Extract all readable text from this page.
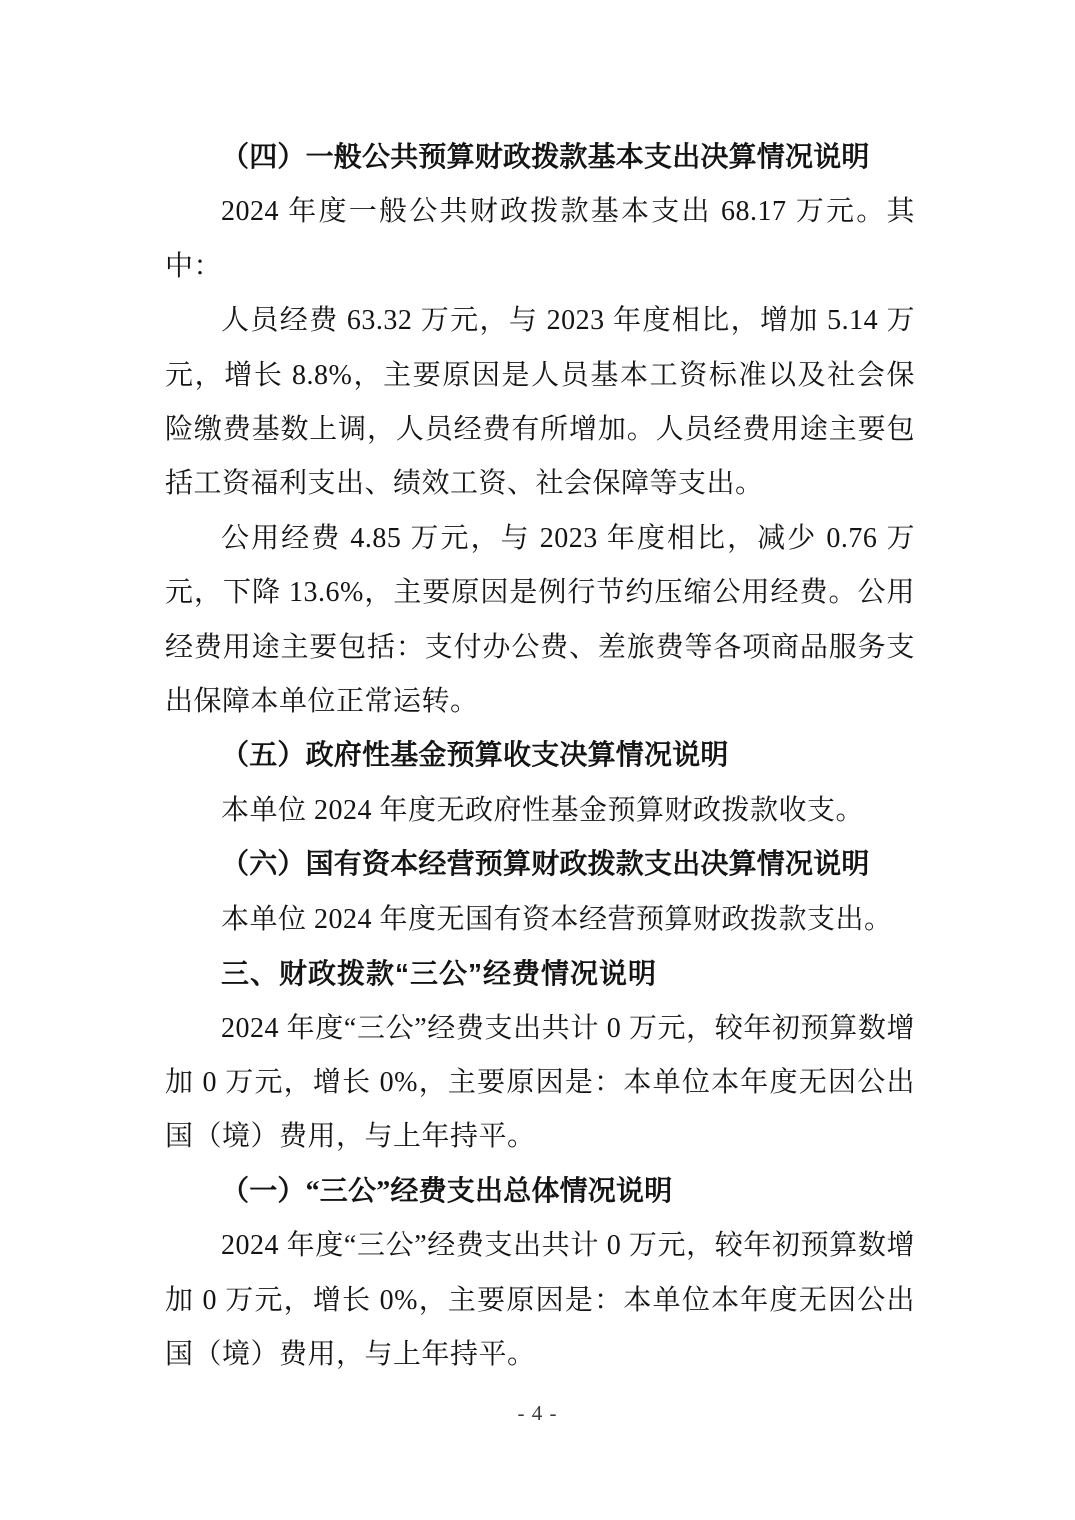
（四）一般公共预算财政拨款基本支出决算情况说明

2024 年度一般公共财政拨款基本支出 68.17 万元。其中：

人员经费 63.32 万元，与 2023 年度相比，增加 5.14 万元，增长 8.8%，主要原因是人员基本工资标准以及社会保险缴费基数上调，人员经费有所增加。人员经费用途主要包括工资福利支出、绩效工资、社会保障等支出。

公用经费 4.85 万元，与 2023 年度相比，减少 0.76 万元，下降 13.6%，主要原因是例行节约压缩公用经费。公用经费用途主要包括：支付办公费、差旅费等各项商品服务支出保障本单位正常运转。

（五）政府性基金预算收支决算情况说明

本单位 2024 年度无政府性基金预算财政拨款收支。

（六）国有资本经营预算财政拨款支出决算情况说明

本单位 2024 年度无国有资本经营预算财政拨款支出。

三、财政拨款“三公”经费情况说明

2024 年度“三公”经费支出共计 0 万元，较年初预算数增加 0 万元，增长 0%，主要原因是：本单位本年度无因公出国（境）费用，与上年持平。

（一）“三公”经费支出总体情况说明

2024 年度“三公”经费支出共计 0 万元，较年初预算数增加 0 万元，增长 0%，主要原因是：本单位本年度无因公出国（境）费用，与上年持平。

- 4 -
